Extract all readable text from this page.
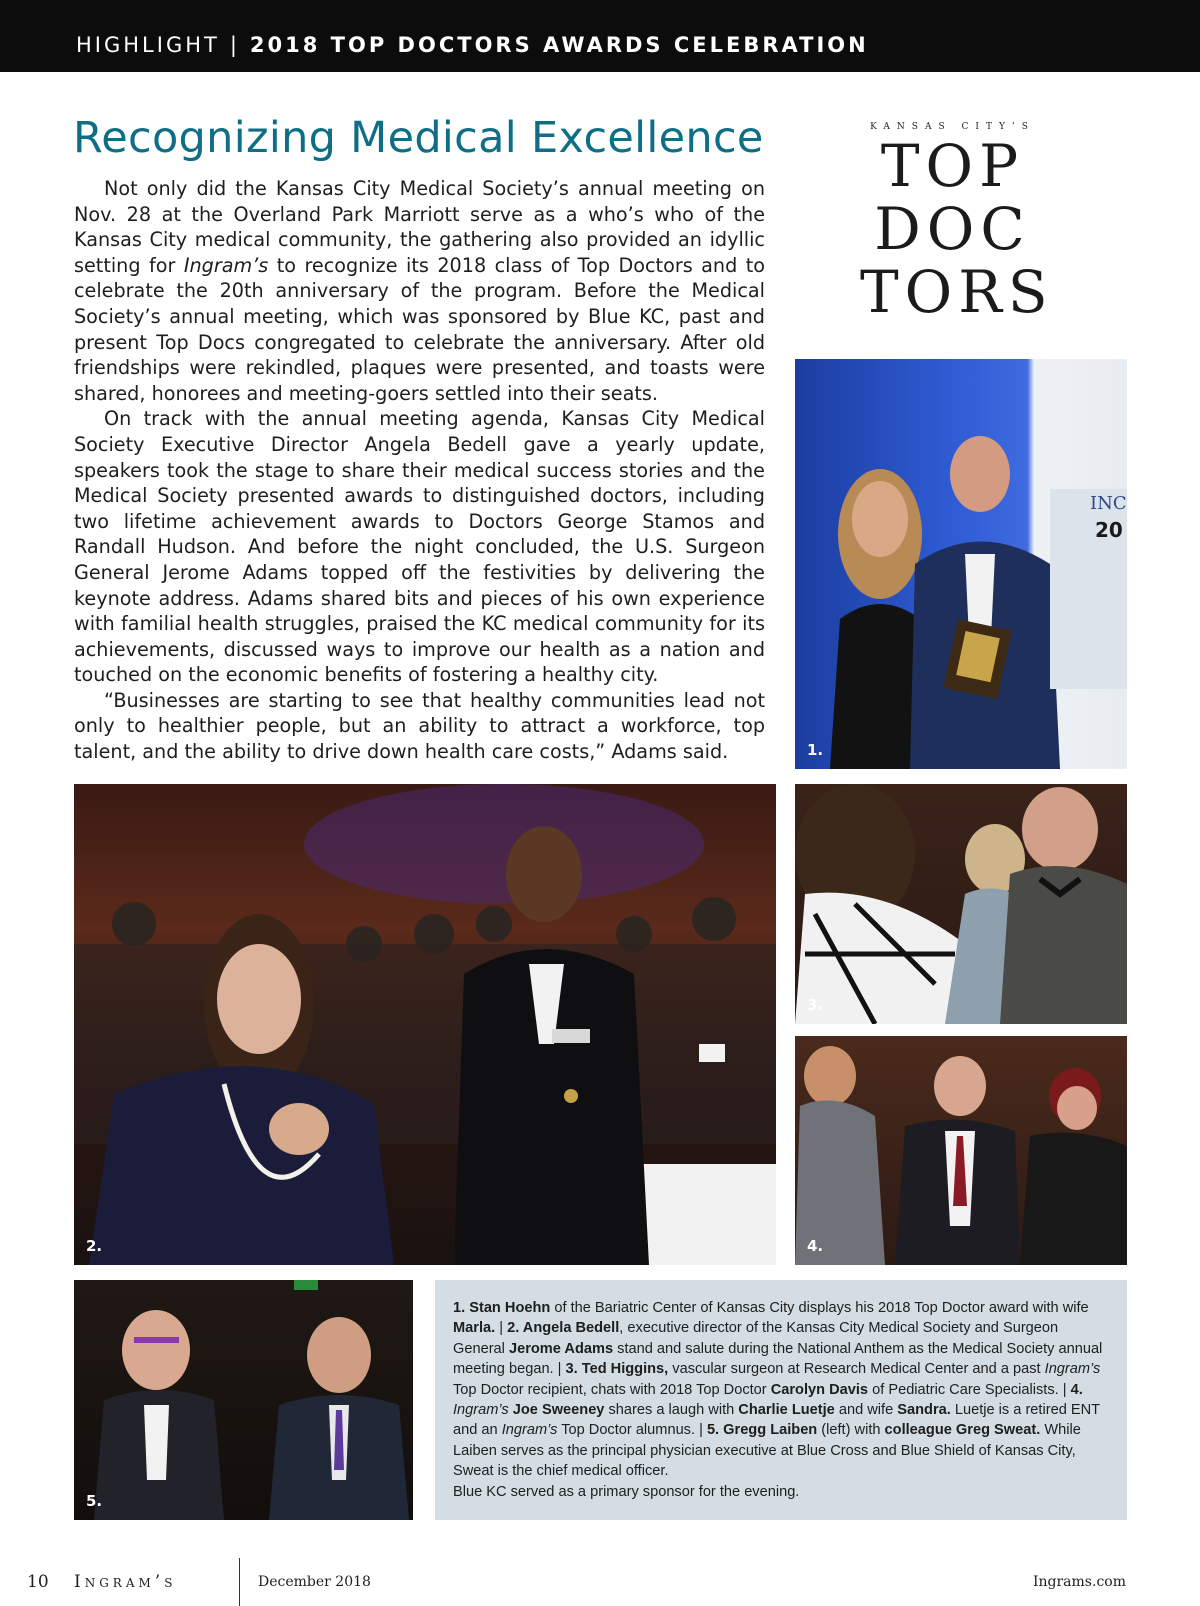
HIGHLIGHT | 2018 TOP DOCTORS AWARDS CELEBRATION
Recognizing Medical Excellence

Not only did the Kansas City Medical Society’s annual meeting on Nov. 28 at the Overland Park Marriott serve as a who’s who of the Kansas City medical community, the gathering also provided an idyllic setting for Ingram’s to recognize its 2018 class of Top Doctors and to celebrate the 20th anniversary of the program. Before the Medical Society’s annual meeting, which was sponsored by Blue KC, past and present Top Docs congregated to celebrate the anniversary. After old friendships were rekindled, plaques were presented, and toasts were shared, honorees and meeting-goers settled into their seats.

On track with the annual meeting agenda, Kansas City Medical Society Executive Director Angela Bedell gave a yearly update, speakers took the stage to share their medical success stories and the Medical Society presented awards to distinguished doctors, including two lifetime achievement awards to Doctors George Stamos and Randall Hudson. And before the night concluded, the U.S. Surgeon General Jerome Adams topped off the festivities by delivering the keynote address. Adams shared bits and pieces of his own experience with familial health struggles, praised the KC medical community for its achievements, discussed ways to improve our health as a nation and touched on the economic benefits of fostering a healthy city.

“Businesses are starting to see that healthy communities lead not only to healthier people, but an ability to attract a workforce, top talent, and the ability to drive down health care costs,” Adams said.

KANSAS CITY’S
TOP
DOC
TORS
INC
20
1.
2.
3.
4.
5.
1. Stan Hoehn of the Bariatric Center of Kansas City displays his 2018 Top Doctor award with wife Marla. | 2. Angela Bedell, executive director of the Kansas City Medical Society and Surgeon General Jerome Adams stand and salute during the National Anthem as the Medical Society annual meeting began. | 3. Ted Higgins, vascular surgeon at Research Medical Center and a past Ingram’s Top Doctor recipient, chats with 2018 Top Doctor Carolyn Davis of Pediatric Care Specialists. | 4. Ingram’s Joe Sweeney shares a laugh with Charlie Luetje and wife Sandra. Luetje is a retired ENT and an Ingram’s Top Doctor alumnus. | 5. Gregg Laiben (left) with colleague Greg Sweat. While Laiben serves as the principal physician executive at Blue Cross and Blue Shield of Kansas City, Sweat is the chief medical officer.
Blue KC served as a primary sponsor for the evening.
10 Ingram’s	December 2018	Ingrams.com
